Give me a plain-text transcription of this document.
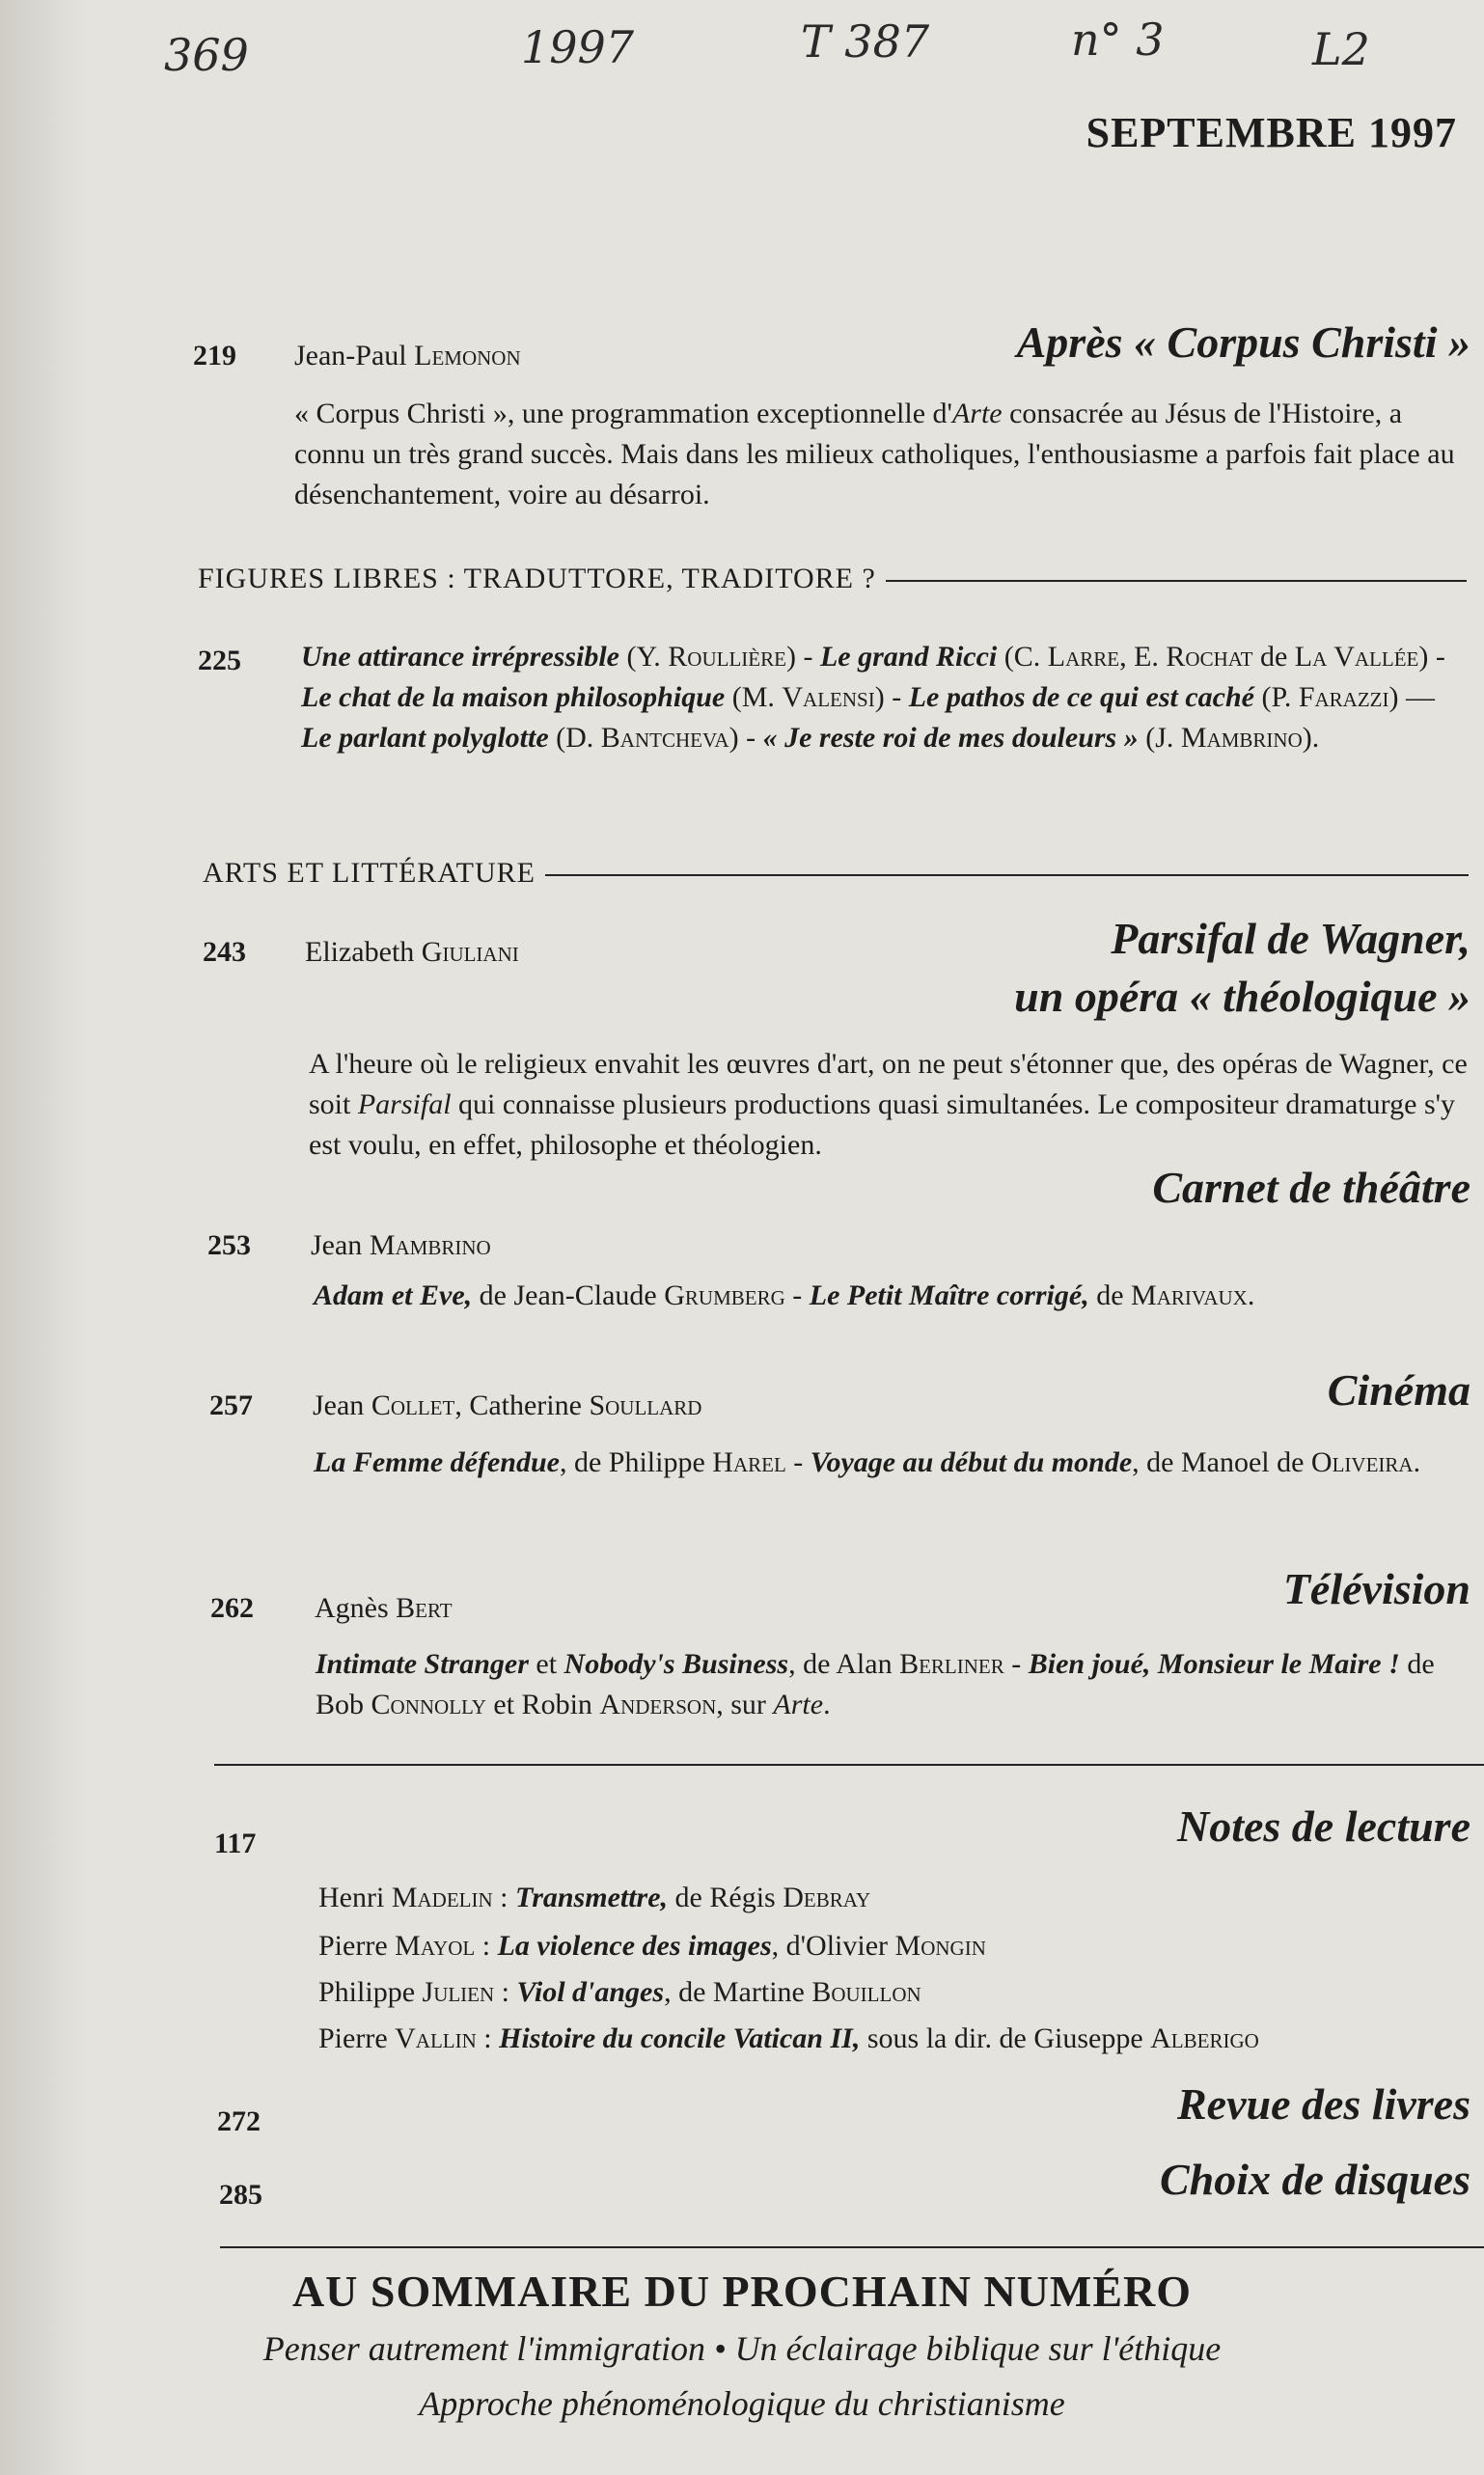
369	1997	T 387	n° 3	L2
SEPTEMBRE 1997
219 Jean-Paul Lemonon	Après « Corpus Christi »
« Corpus Christi », une programmation exceptionnelle d'Arte consacrée au Jésus de l'Histoire, a connu un très grand succès. Mais dans les milieux catholiques, l'enthousiasme a parfois fait place au désenchantement, voire au désarroi.
FIGURES LIBRES : TRADUTTORE, TRADITORE ?
225 Une attirance irrépressible (Y. Roullière) - Le grand Ricci (C. Larre, E. Rochat de La Vallée) - Le chat de la maison philosophique (M. Valensi) - Le pathos de ce qui est caché (P. Farazzi) — Le parlant polyglotte (D. Bantcheva) - « Je reste roi de mes douleurs » (J. Mambrino).
ARTS ET LITTÉRATURE
243 Elizabeth Giuliani	Parsifal de Wagner,
un opéra « théologique »
A l'heure où le religieux envahit les œuvres d'art, on ne peut s'étonner que, des opéras de Wagner, ce soit Parsifal qui connaisse plusieurs productions quasi simultanées. Le compositeur dramaturge s'y est voulu, en effet, philosophe et théologien.
253 Jean Mambrino
Carnet de théâtre
Adam et Eve, de Jean-Claude Grumberg - Le Petit Maître corrigé, de Marivaux.
257 Jean Collet, Catherine Soullard	Cinéma
La Femme défendue, de Philippe Harel - Voyage au début du monde, de Manoel de Oliveira.
262 Agnès Bert	Télévision
Intimate Stranger et Nobody's Business, de Alan Berliner - Bien joué, Monsieur le Maire ! de Bob Connolly et Robin Anderson, sur Arte.
117	Notes de lecture
Henri Madelin : Transmettre, de Régis Debray
Pierre Mayol : La violence des images, d'Olivier Mongin
Philippe Julien : Viol d'anges, de Martine Bouillon
Pierre Vallin : Histoire du concile Vatican II, sous la dir. de Giuseppe Alberigo
272	Revue des livres
285	Choix de disques
AU SOMMAIRE DU PROCHAIN NUMÉRO
Penser autrement l'immigration • Un éclairage biblique sur l'éthique
Approche phénoménologique du christianisme
